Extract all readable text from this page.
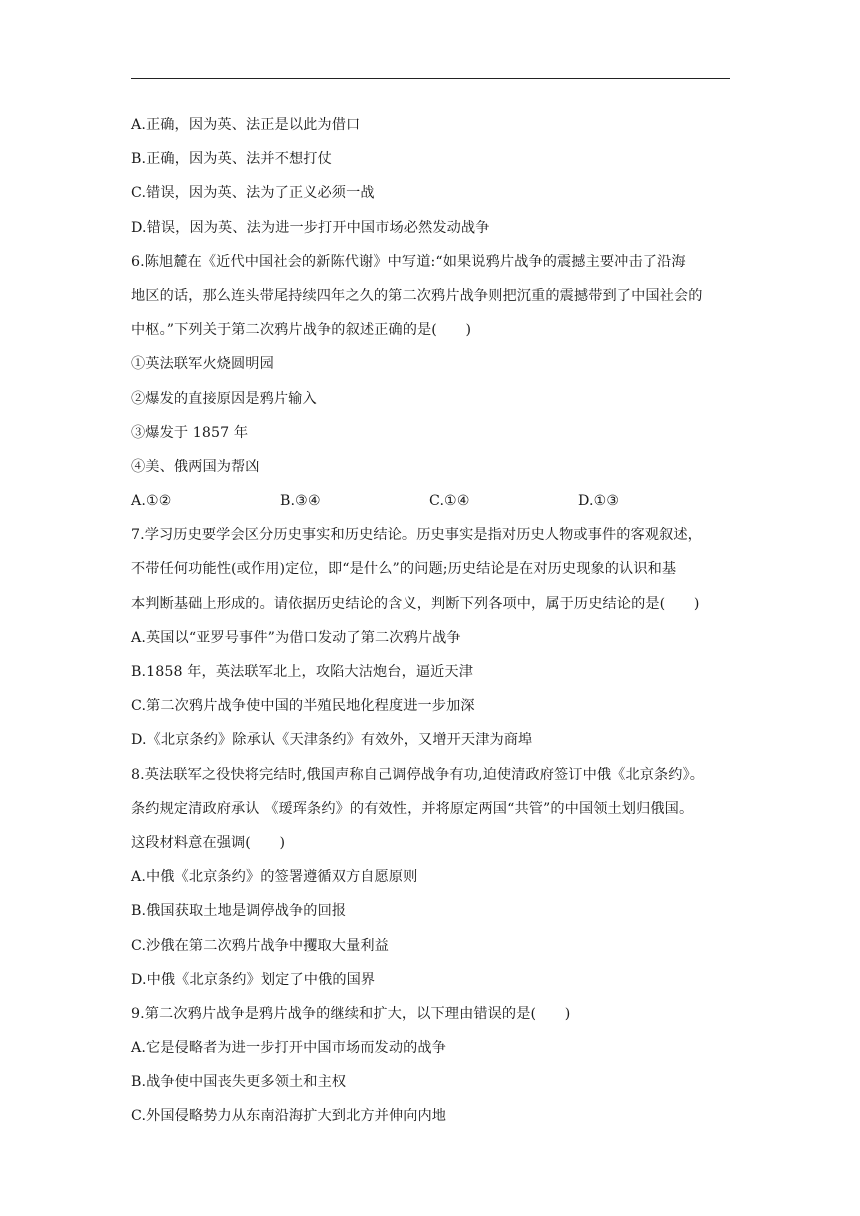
A.正确，因为英、法正是以此为借口
B.正确，因为英、法并不想打仗
C.错误，因为英、法为了正义必须一战
D.错误，因为英、法为进一步打开中国市场必然发动战争
6.陈旭麓在《近代中国社会的新陈代谢》中写道:“如果说鸦片战争的震撼主要冲击了沿海
地区的话，那么连头带尾持续四年之久的第二次鸦片战争则把沉重的震撼带到了中国社会的
中枢。”下列关于第二次鸦片战争的叙述正确的是(　　)
①英法联军火烧圆明园
②爆发的直接原因是鸦片输入
③爆发于 1857 年
④美、俄两国为帮凶
A.①②	B.③④	C.①④	D.①③
7.学习历史要学会区分历史事实和历史结论。历史事实是指对历史人物或事件的客观叙述，
不带任何功能性(或作用)定位，即“是什么”的问题;历史结论是在对历史现象的认识和基
本判断基础上形成的。请依据历史结论的含义，判断下列各项中，属于历史结论的是(　　)
A.英国以“亚罗号事件”为借口发动了第二次鸦片战争
B.1858 年，英法联军北上，攻陷大沽炮台，逼近天津
C.第二次鸦片战争使中国的半殖民地化程度进一步加深
D.《北京条约》除承认《天津条约》有效外，又增开天津为商埠
8.英法联军之役快将完结时,俄国声称自己调停战争有功,迫使清政府签订中俄《北京条约》。
条约规定清政府承认 《瑷珲条约》的有效性，并将原定两国“共管”的中国领土划归俄国。
这段材料意在强调(　　)
A.中俄《北京条约》的签署遵循双方自愿原则
B.俄国获取土地是调停战争的回报
C.沙俄在第二次鸦片战争中攫取大量利益
D.中俄《北京条约》划定了中俄的国界
9.第二次鸦片战争是鸦片战争的继续和扩大，以下理由错误的是(　　)
A.它是侵略者为进一步打开中国市场而发动的战争
B.战争使中国丧失更多领土和主权
C.外国侵略势力从东南沿海扩大到北方并伸向内地
